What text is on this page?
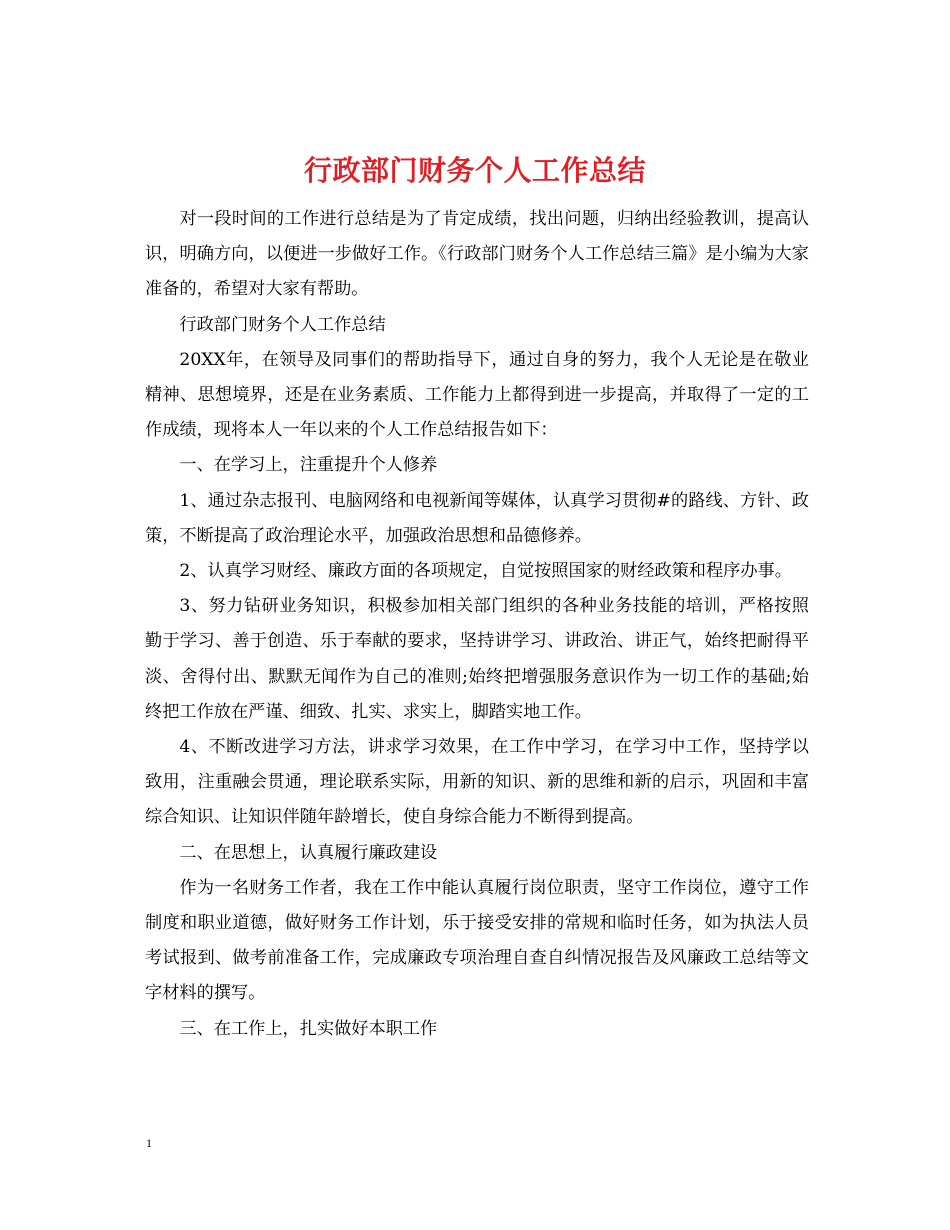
行政部门财务个人工作总结

对一段时间的工作进行总结是为了肯定成绩，找出问题，归纳出经验教训，提高认识，明确方向，以便进一步做好工作。《行政部门财务个人工作总结三篇》是小编为大家准备的，希望对大家有帮助。

行政部门财务个人工作总结

20XX年，在领导及同事们的帮助指导下，通过自身的努力，我个人无论是在敬业精神、思想境界，还是在业务素质、工作能力上都得到进一步提高，并取得了一定的工作成绩，现将本人一年以来的个人工作总结报告如下：

一、在学习上，注重提升个人修养

1、通过杂志报刊、电脑网络和电视新闻等媒体，认真学习贯彻#的路线、方针、政策，不断提高了政治理论水平，加强政治思想和品德修养。

2、认真学习财经、廉政方面的各项规定，自觉按照国家的财经政策和程序办事。

3、努力钻研业务知识，积极参加相关部门组织的各种业务技能的培训，严格按照勤于学习、善于创造、乐于奉献的要求，坚持讲学习、讲政治、讲正气，始终把耐得平淡、舍得付出、默默无闻作为自己的准则;始终把增强服务意识作为一切工作的基础;始终把工作放在严谨、细致、扎实、求实上，脚踏实地工作。

4、不断改进学习方法，讲求学习效果，在工作中学习，在学习中工作，坚持学以致用，注重融会贯通，理论联系实际，用新的知识、新的思维和新的启示，巩固和丰富综合知识、让知识伴随年龄增长，使自身综合能力不断得到提高。

二、在思想上，认真履行廉政建设

作为一名财务工作者，我在工作中能认真履行岗位职责，坚守工作岗位，遵守工作制度和职业道德，做好财务工作计划，乐于接受安排的常规和临时任务，如为执法人员考试报到、做考前准备工作，完成廉政专项治理自查自纠情况报告及风廉政工总结等文字材料的撰写。

三、在工作上，扎实做好本职工作

1
